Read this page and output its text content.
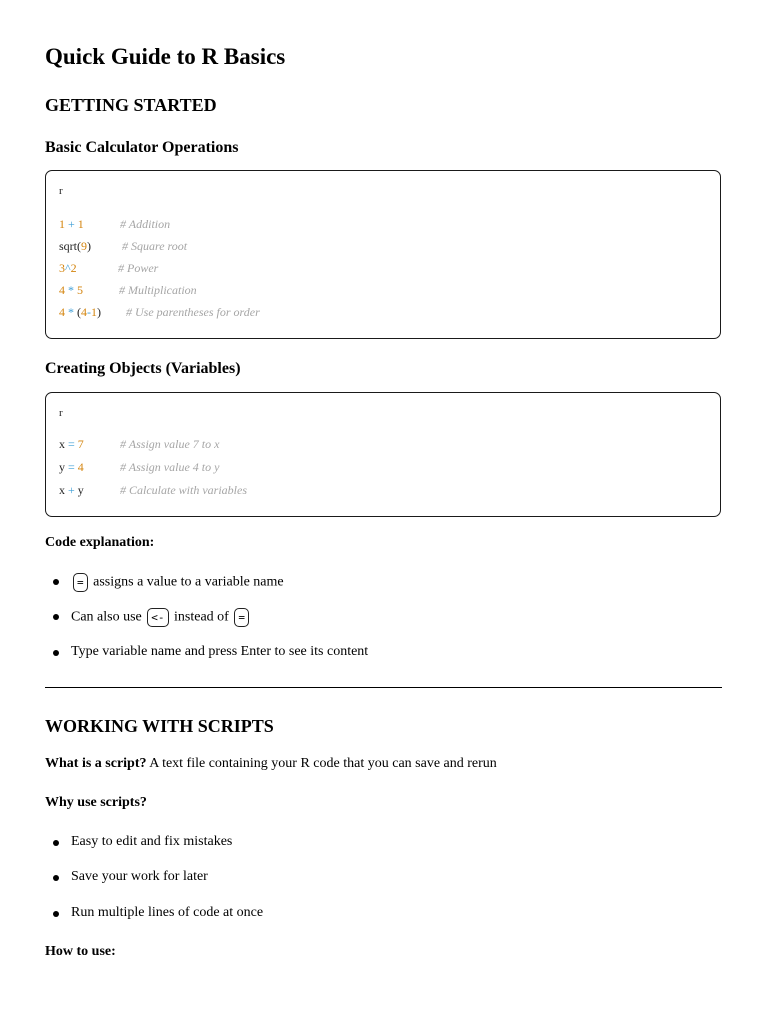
Quick Guide to R Basics
GETTING STARTED
Basic Calculator Operations
r
1 + 1	# Addition
sqrt(9)	# Square root
3^2	# Power
4 * 5	# Multiplication
4 * (4-1) # Use parentheses for order
Creating Objects (Variables)
r
x = 7	# Assign value 7 to x
y = 4	# Assign value 4 to y
x + y	# Calculate with variables

Code explanation:

= assigns a value to a variable name
Can also use <- instead of =
Type variable name and press Enter to see its content
WORKING WITH SCRIPTS

What is a script? A text file containing your R code that you can save and rerun

Why use scripts?

Easy to edit and fix mistakes
Save your work for later
Run multiple lines of code at once

How to use:
